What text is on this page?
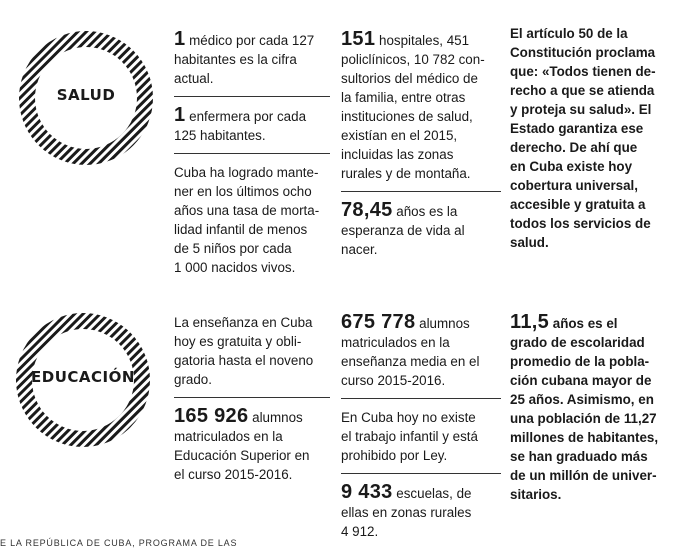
SALUD

1 médico por cada 127
habitantes es la cifra
actual.

1 enfermera por cada
125 habitantes.

Cuba ha logrado mante-
ner en los últimos ocho
años una tasa de morta-
lidad infantil de menos
de 5 niños por cada
1 000 nacidos vivos.

151 hospitales, 451
policlínicos, 10 782 con-
sultorios del médico de
la familia, entre otras
instituciones de salud,
existían en el 2015,
incluidas las zonas
rurales y de montaña.

78,45 años es la
esperanza de vida al
nacer.

El artículo 50 de la
Constitución proclama
que: «Todos tienen de-
recho a que se atienda
y proteja su salud». El
Estado garantiza ese
derecho. De ahí que
en Cuba existe hoy
cobertura universal,
accesible y gratuita a
todos los servicios de
salud.

EDUCACIÓN

La enseñanza en Cuba
hoy es gratuita y obli-
gatoria hasta el noveno
grado.

165 926 alumnos
matriculados en la
Educación Superior en
el curso 2015-2016.

675 778 alumnos
matriculados en la
enseñanza media en el
curso 2015-2016.

En Cuba hoy no existe
el trabajo infantil y está
prohibido por Ley.

9 433 escuelas, de
ellas en zonas rurales
4 912.

11,5 años es el
grado de escolaridad
promedio de la pobla-
ción cubana mayor de
25 años. Asimismo, en
una población de 11,27
millones de habitantes,
se han graduado más
de un millón de univer-
sitarios.

E LA REPÚBLICA DE CUBA, PROGRAMA DE LAS
